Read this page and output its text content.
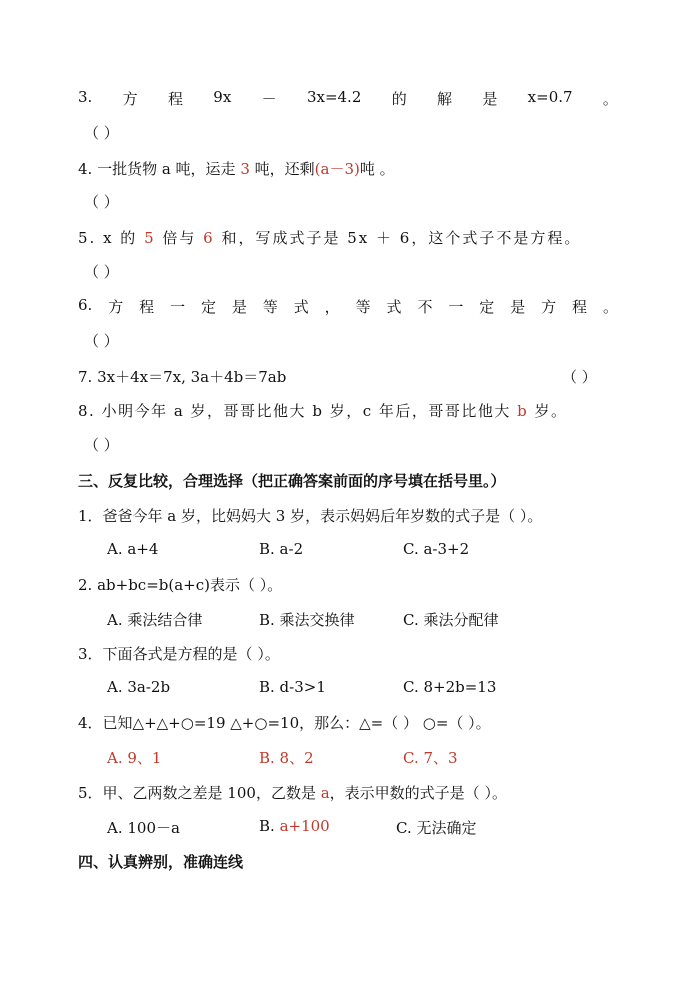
3. 方 程 9x － 3x=4.2 的 解 是 x=0.7 。
（ ）
4. 一批货物 a 吨，运走 3 吨，还剩(a－3)吨 。
（ ）
5. x 的 5 倍与 6 和，写成式子是 5x ＋ 6，这个式子不是方程。
（ ）
6. 方 程 一 定 是 等 式 ， 等 式 不 一 定 是 方 程 。
（ ）
7. 3x＋4x＝7x, 3a＋4b＝7ab	（ ）
8. 小明今年 a 岁，哥哥比他大 b 岁，c 年后，哥哥比他大 b 岁。
（ ）
三、反复比较，合理选择（把正确答案前面的序号填在括号里。）
1．爸爸今年 a 岁，比妈妈大 3 岁，表示妈妈后年岁数的式子是（ ）。
A. a+4	B. a-2	C. a-3+2
2. ab+bc=b(a+c)表示（ ）。
A. 乘法结合律	B. 乘法交换律	C. 乘法分配律
3．下面各式是方程的是（ ）。
A. 3a-2b	B. d-3>1	C. 8+2b=13
4．已知△+△+○=19 △+○=10，那么：△=（ ） ○=（ ）。
A. 9、1	B. 8、2	C. 7、3
5．甲、乙两数之差是 100，乙数是 a，表示甲数的式子是（ ）。
A. 100－a	B. a+100	C. 无法确定
四、认真辨别，准确连线
